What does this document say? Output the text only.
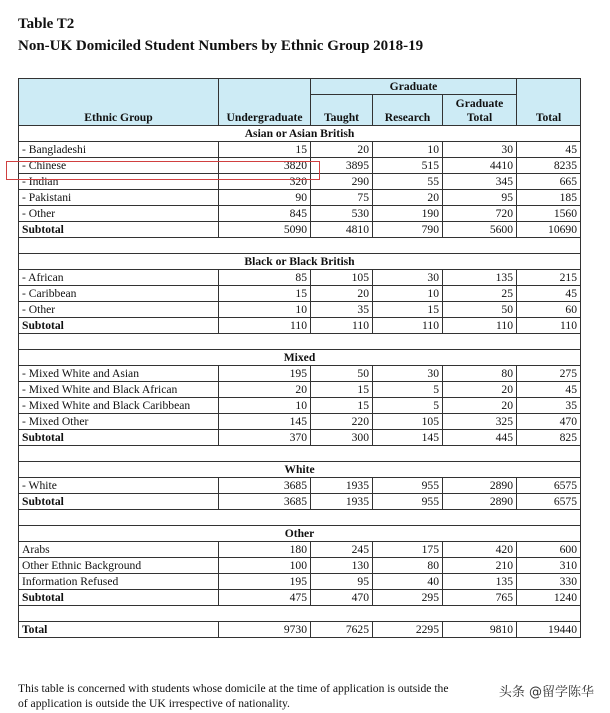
Table T2
Non-UK Domiciled Student Numbers by Ethnic Group 2018-19
Ethnic Group	Undergraduate	Graduate			Total
		Taught	Research	Graduate Total	
Asian or Asian British					
- Bangladeshi	15	20	10	30	45
- Chinese	3820	3895	515	4410	8235
- Indian	320	290	55	345	665
- Pakistani	90	75	20	95	185
- Other	845	530	190	720	1560
Subtotal	5090	4810	790	5600	10690

Black or Black British					
- African	85	105	30	135	215
- Caribbean	15	20	10	25	45
- Other	10	35	15	50	60
Subtotal	110	110	110	110	110

Mixed					
- Mixed White and Asian	195	50	30	80	275
- Mixed White and Black African	20	15	5	20	45
- Mixed White and Black Caribbean	10	15	5	20	35
- Mixed Other	145	220	105	325	470
Subtotal	370	300	145	445	825

White					
- White	3685	1935	955	2890	6575
Subtotal	3685	1935	955	2890	6575

Other					
Arabs	180	245	175	420	600
Other Ethnic Background	100	130	80	210	310
Information Refused	195	95	40	135	330
Subtotal	475	470	295	765	1240

Total	9730	7625	2295	9810	19440
This table is concerned with students whose domicile at the time of application is outside the
of application is outside the UK irrespective of nationality.
头条 @留学陈华
